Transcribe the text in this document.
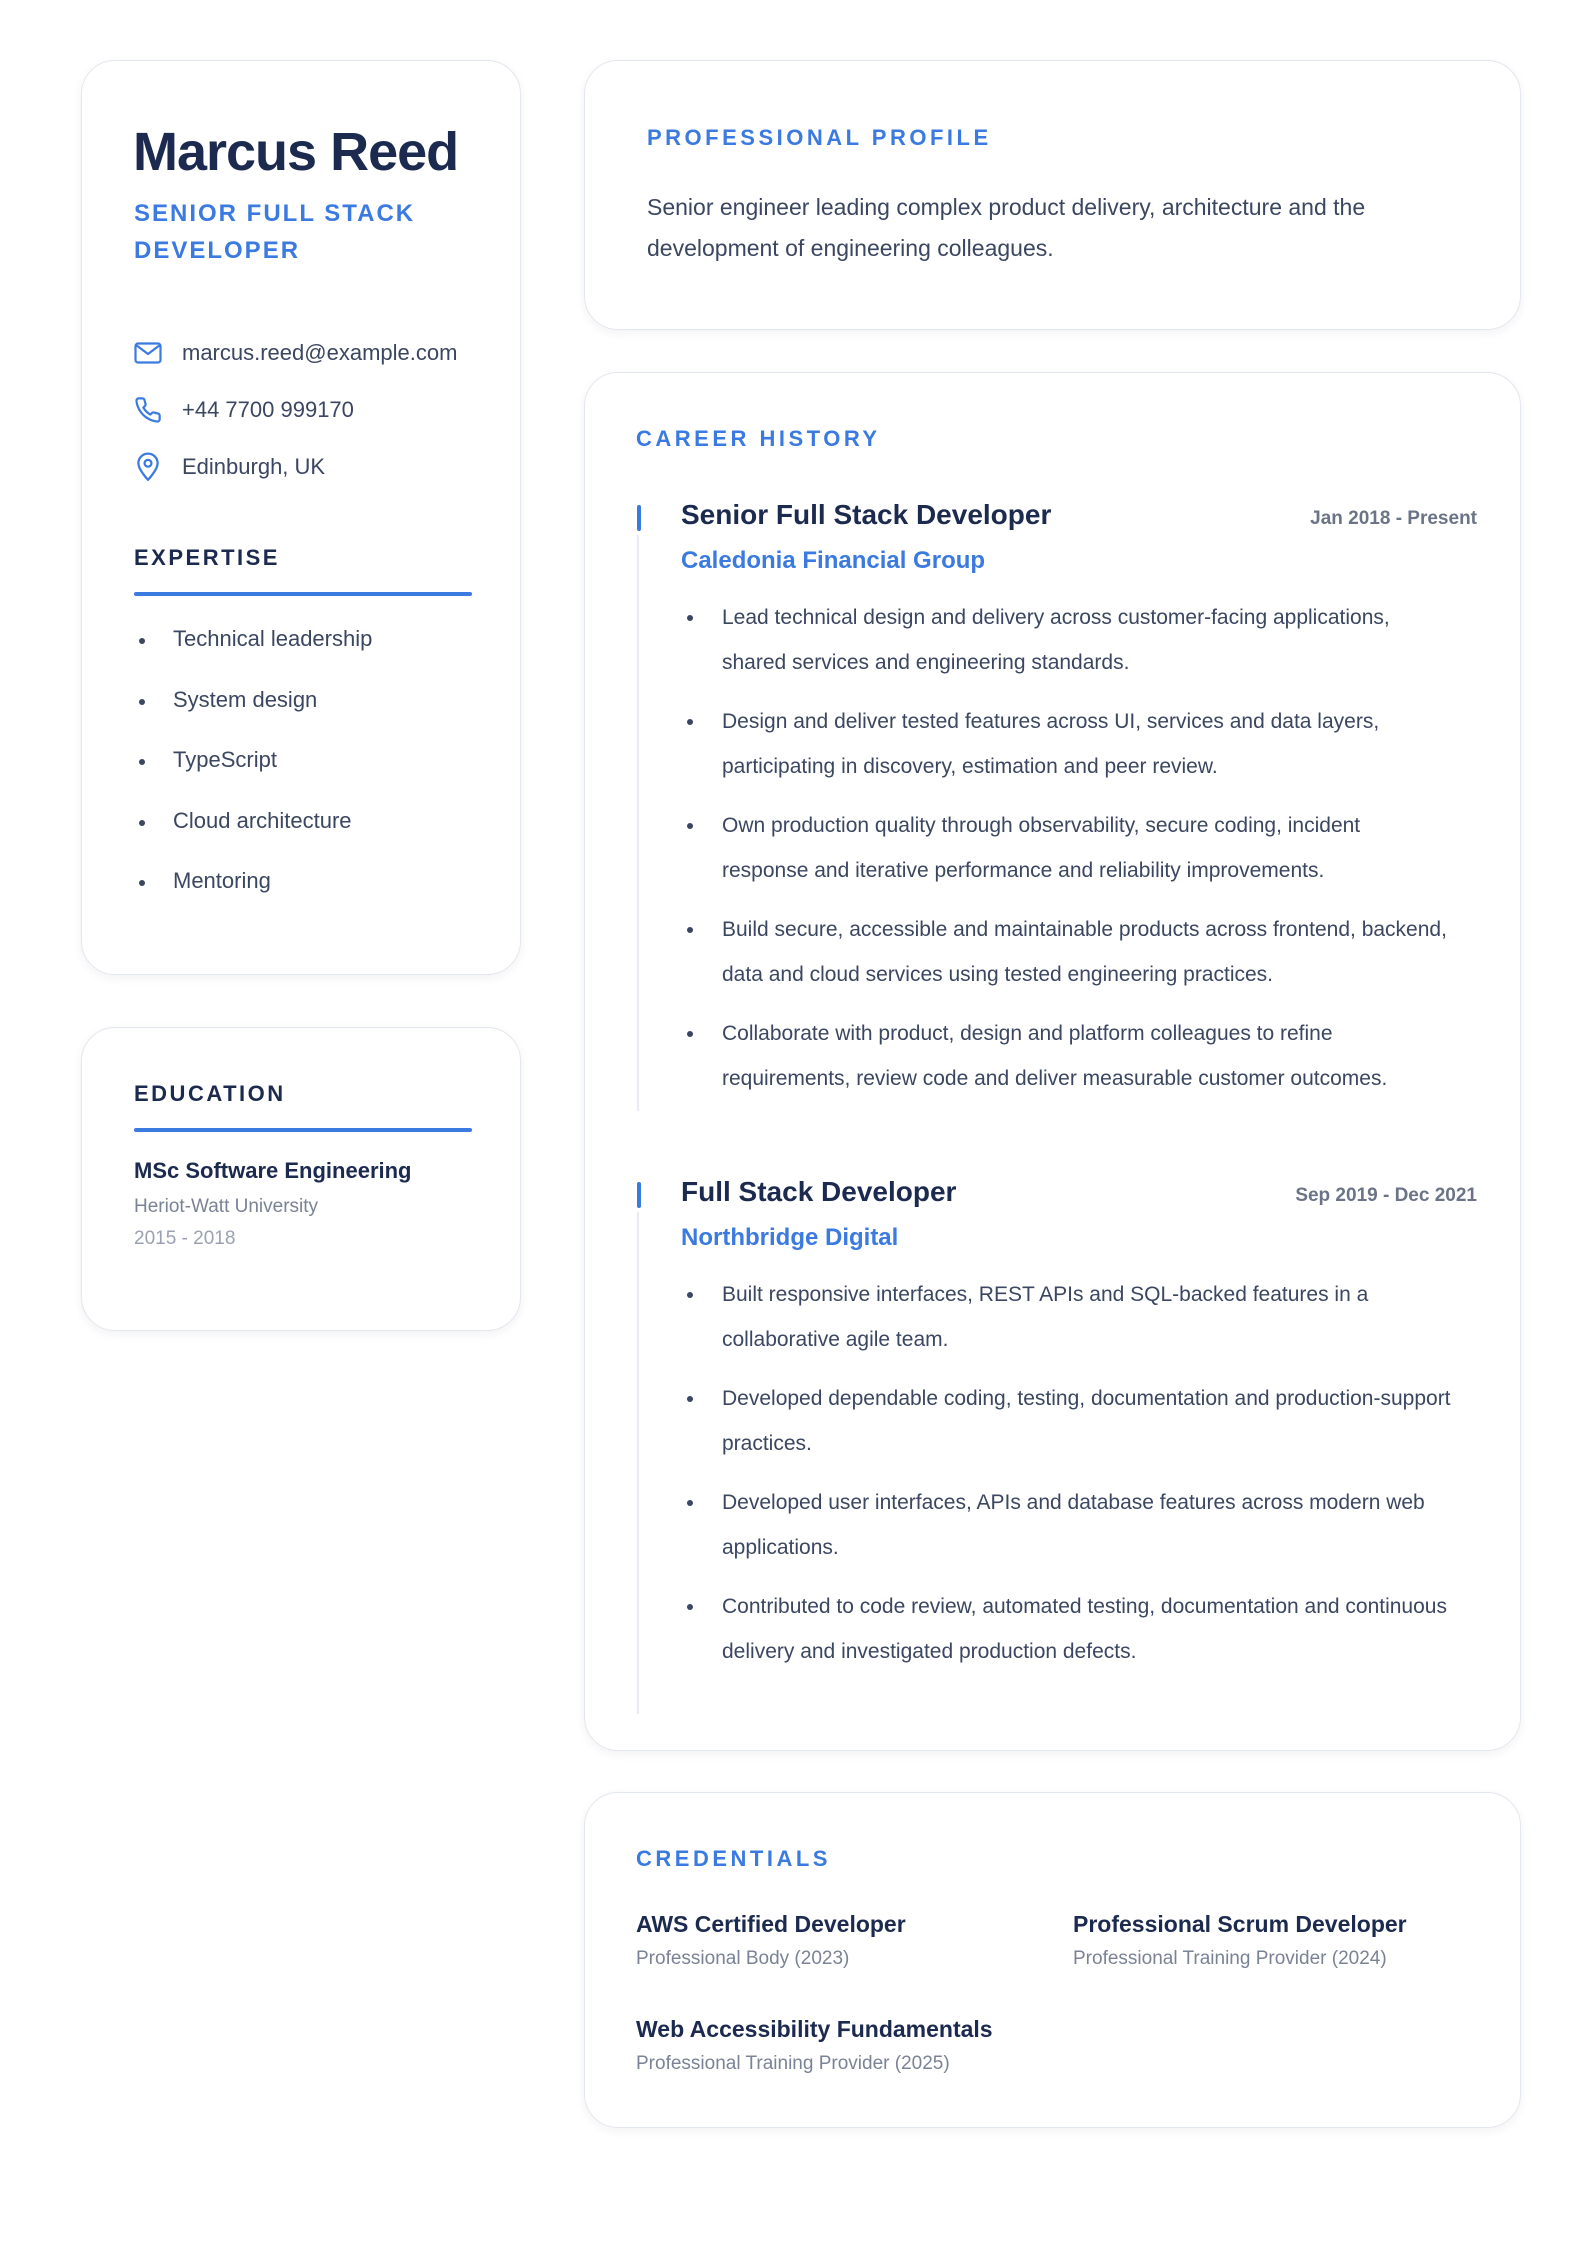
Marcus Reed
SENIOR FULL STACK DEVELOPER
marcus.reed@example.com
+44 7700 999170
Edinburgh, UK
EXPERTISE
Technical leadership
System design
TypeScript
Cloud architecture
Mentoring
EDUCATION
MSc Software Engineering
Heriot-Watt University
2015 - 2018
PROFESSIONAL PROFILE

Senior engineer leading complex product delivery, architecture and the development of engineering colleagues.

CAREER HISTORY
Senior Full Stack Developer	Jan 2018 - Present
Caledonia Financial Group
Lead technical design and delivery across customer-facing applications, shared services and engineering standards.
Design and deliver tested features across UI, services and data layers, participating in discovery, estimation and peer review.
Own production quality through observability, secure coding, incident response and iterative performance and reliability improvements.
Build secure, accessible and maintainable products across frontend, backend, data and cloud services using tested engineering practices.
Collaborate with product, design and platform colleagues to refine requirements, review code and deliver measurable customer outcomes.
Full Stack Developer	Sep 2019 - Dec 2021
Northbridge Digital
Built responsive interfaces, REST APIs and SQL-backed features in a collaborative agile team.
Developed dependable coding, testing, documentation and production-support practices.
Developed user interfaces, APIs and database features across modern web applications.
Contributed to code review, automated testing, documentation and continuous delivery and investigated production defects.
CREDENTIALS
AWS Certified Developer
Professional Body (2023)
Professional Scrum Developer
Professional Training Provider (2024)
Web Accessibility Fundamentals
Professional Training Provider (2025)
